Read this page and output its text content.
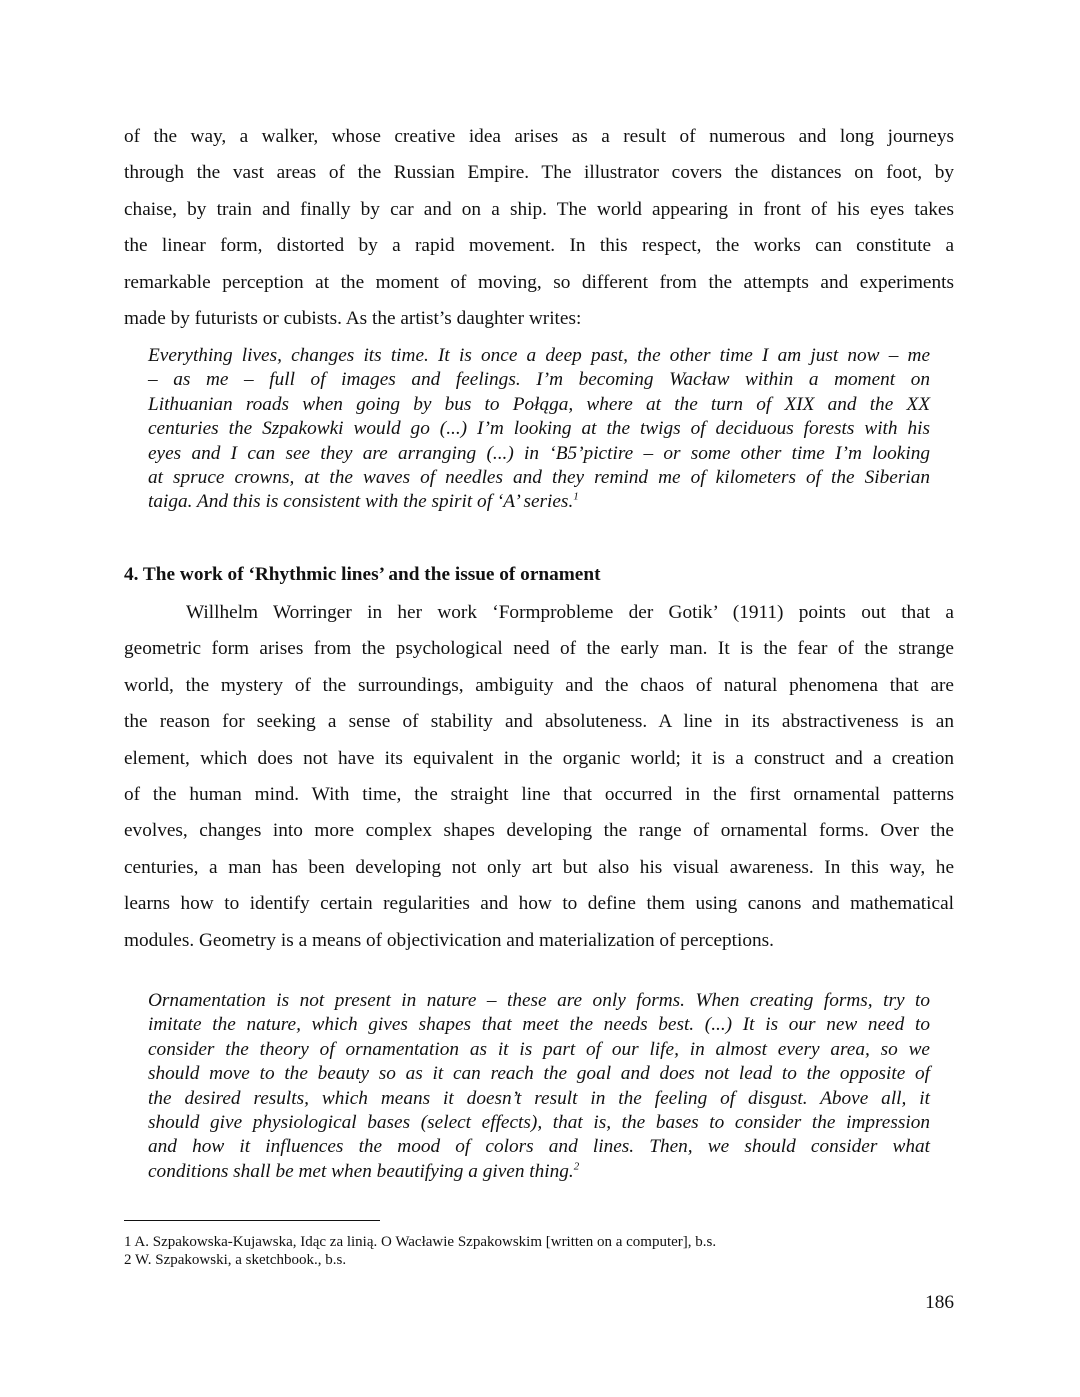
of the way, a walker, whose creative idea arises as a result of numerous and long journeys
through the vast areas of the Russian Empire. The illustrator covers the distances on foot, by
chaise, by train and finally by car and on a ship. The world appearing in front of his eyes takes
the linear form, distorted by a rapid movement. In this respect, the works can constitute a
remarkable perception at the moment of moving, so different from the attempts and experiments
made by futurists or cubists. As the artist’s daughter writes:
Everything lives, changes its time. It is once a deep past, the other time I am just now – me
– as me – full of images and feelings. I’m becoming Wacław within a moment on
Lithuanian roads when going by bus to Połąga, where at the turn of XIX and the XX
centuries the Szpakowki would go (...) I’m looking at the twigs of deciduous forests with his
eyes and I can see they are arranging (...) in ‘B5’pictire – or some other time I’m looking
at spruce crowns, at the waves of needles and they remind me of kilometers of the Siberian
taiga. And this is consistent with the spirit of ‘A’ series.$^1$
4. The work of ‘Rhythmic lines’ and the issue of ornament
Willhelm Worringer in her work ‘Formprobleme der Gotik’ (1911) points out that a
geometric form arises from the psychological need of the early man. It is the fear of the strange
world, the mystery of the surroundings, ambiguity and the chaos of natural phenomena that are
the reason for seeking a sense of stability and absoluteness. A line in its abstractiveness is an
element, which does not have its equivalent in the organic world; it is a construct and a creation
of the human mind. With time, the straight line that occurred in the first ornamental patterns
evolves, changes into more complex shapes developing the range of ornamental forms. Over the
centuries, a man has been developing not only art but also his visual awareness. In this way, he
learns how to identify certain regularities and how to define them using canons and mathematical
modules. Geometry is a means of objectivication and materialization of perceptions.
Ornamentation is not present in nature – these are only forms. When creating forms, try to
imitate the nature, which gives shapes that meet the needs best. (...) It is our new need to
consider the theory of ornamentation as it is part of our life, in almost every area, so we
should move to the beauty so as it can reach the goal and does not lead to the opposite of
the desired results, which means it doesn’t result in the feeling of disgust. Above all, it
should give physiological bases (select effects), that is, the bases to consider the impression
and how it influences the mood of colors and lines. Then, we should consider what
conditions shall be met when beautifying a given thing.$^2$
1 A. Szpakowska-Kujawska, Idąc za linią. O Wacławie Szpakowskim [written on a computer], b.s.
2 W. Szpakowski, a sketchbook., b.s.
186
